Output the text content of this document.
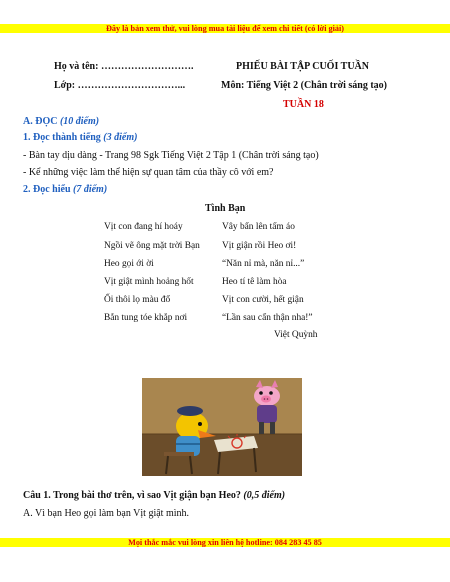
Đây là bản xem thử, vui lòng mua tài liệu để xem chi tiết (có lời giải)
Họ và tên: ……………………….	PHIẾU BÀI TẬP CUỐI TUẦN
Lớp: …………………………...	Môn: Tiếng Việt 2 (Chân trời sáng tạo)
TUẦN 18
A. ĐỌC (10 điểm)
1. Đọc thành tiếng (3 điểm)
- Bàn tay dịu dàng - Trang 98 Sgk Tiếng Việt 2 Tập 1 (Chân trời sáng tạo)
- Kể những việc làm thể hiện sự quan tâm của thầy cô với em?
2. Đọc hiểu (7 điểm)
Tình Bạn
Vịt con đang hí hoáy
Ngồi vẽ ông mặt trời Bạn
Heo gọi ới ời
Vịt giật mình hoảng hốt
Ối thôi lọ màu đổ
Bắn tung tóe khắp nơi
Vây bẩn lên tấm áo
Vịt giận rồi Heo ơi!
“Năn nỉ mà, năn nỉ...”
Heo tí tê làm hòa
Vịt con cười, hết giận
“Lần sau cẩn thận nha!”
Việt Quỳnh
Câu 1. Trong bài thơ trên, vì sao Vịt giận bạn Heo? (0,5 điểm)
A. Vì bạn Heo gọi làm bạn Vịt giật mình.
Mọi thắc mắc vui lòng xin liên hệ hotline: 084 283 45 85
